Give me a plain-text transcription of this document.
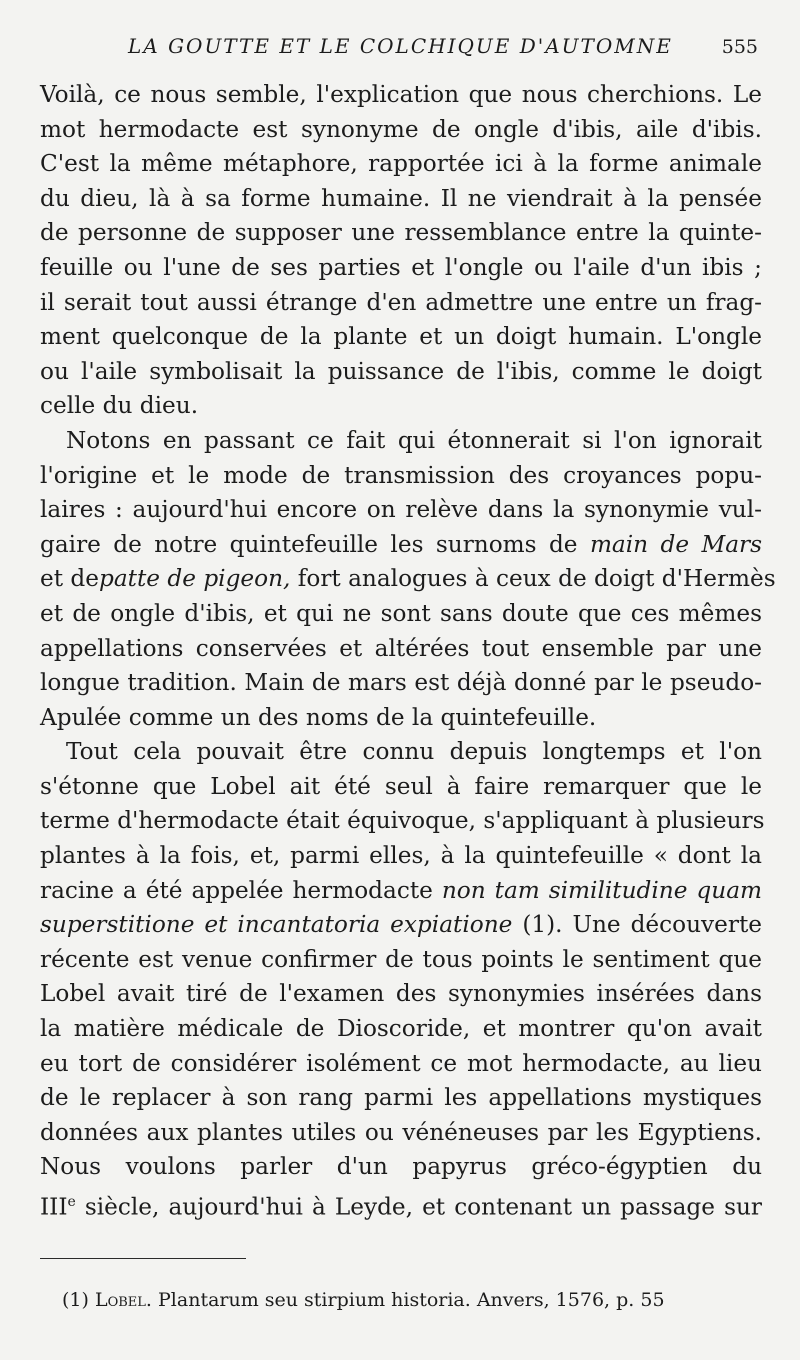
LA GOUTTE ET LE COLCHIQUE D'AUTOMNE	555
Voilà, ce nous semble, l'explication que nous cherchions. Le
mot hermodacte est synonyme de ongle d'ibis, aile d'ibis.
C'est la même métaphore, rapportée ici à la forme animale
du dieu, là à sa forme humaine. Il ne viendrait à la pensée
de personne de supposer une ressemblance entre la quinte-
feuille ou l'une de ses parties et l'ongle ou l'aile d'un ibis ;
il serait tout aussi étrange d'en admettre une entre un frag-
ment quelconque de la plante et un doigt humain. L'ongle
ou l'aile symbolisait la puissance de l'ibis, comme le doigt
celle du dieu.
Notons en passant ce fait qui étonnerait si l'on ignorait
l'origine et le mode de transmission des croyances popu-
laires : aujourd'hui encore on relève dans la synonymie vul-
gaire de notre quintefeuille les surnoms de main de Mars
et depatte de pigeon, fort analogues à ceux de doigt d'Hermès
et de ongle d'ibis, et qui ne sont sans doute que ces mêmes
appellations conservées et altérées tout ensemble par une
longue tradition. Main de mars est déjà donné par le pseudo-
Apulée comme un des noms de la quintefeuille.
Tout cela pouvait être connu depuis longtemps et l'on
s'étonne que Lobel ait été seul à faire remarquer que le
terme d'hermodacte était équivoque, s'appliquant à plusieurs
plantes à la fois, et, parmi elles, à la quintefeuille « dont la
racine a été appelée hermodacte non tam similitudine quam
superstitione et incantatoria expiatione (1). Une découverte
récente est venue confirmer de tous points le sentiment que
Lobel avait tiré de l'examen des synonymies insérées dans
la matière médicale de Dioscoride, et montrer qu'on avait
eu tort de considérer isolément ce mot hermodacte, au lieu
de le replacer à son rang parmi les appellations mystiques
données aux plantes utiles ou vénéneuses par les Egyptiens.
Nous voulons parler d'un papyrus gréco-égyptien du
IIIe siècle, aujourd'hui à Leyde, et contenant un passage sur
(1) Lobel. Plantarum seu stirpium historia. Anvers, 1576, p. 55
